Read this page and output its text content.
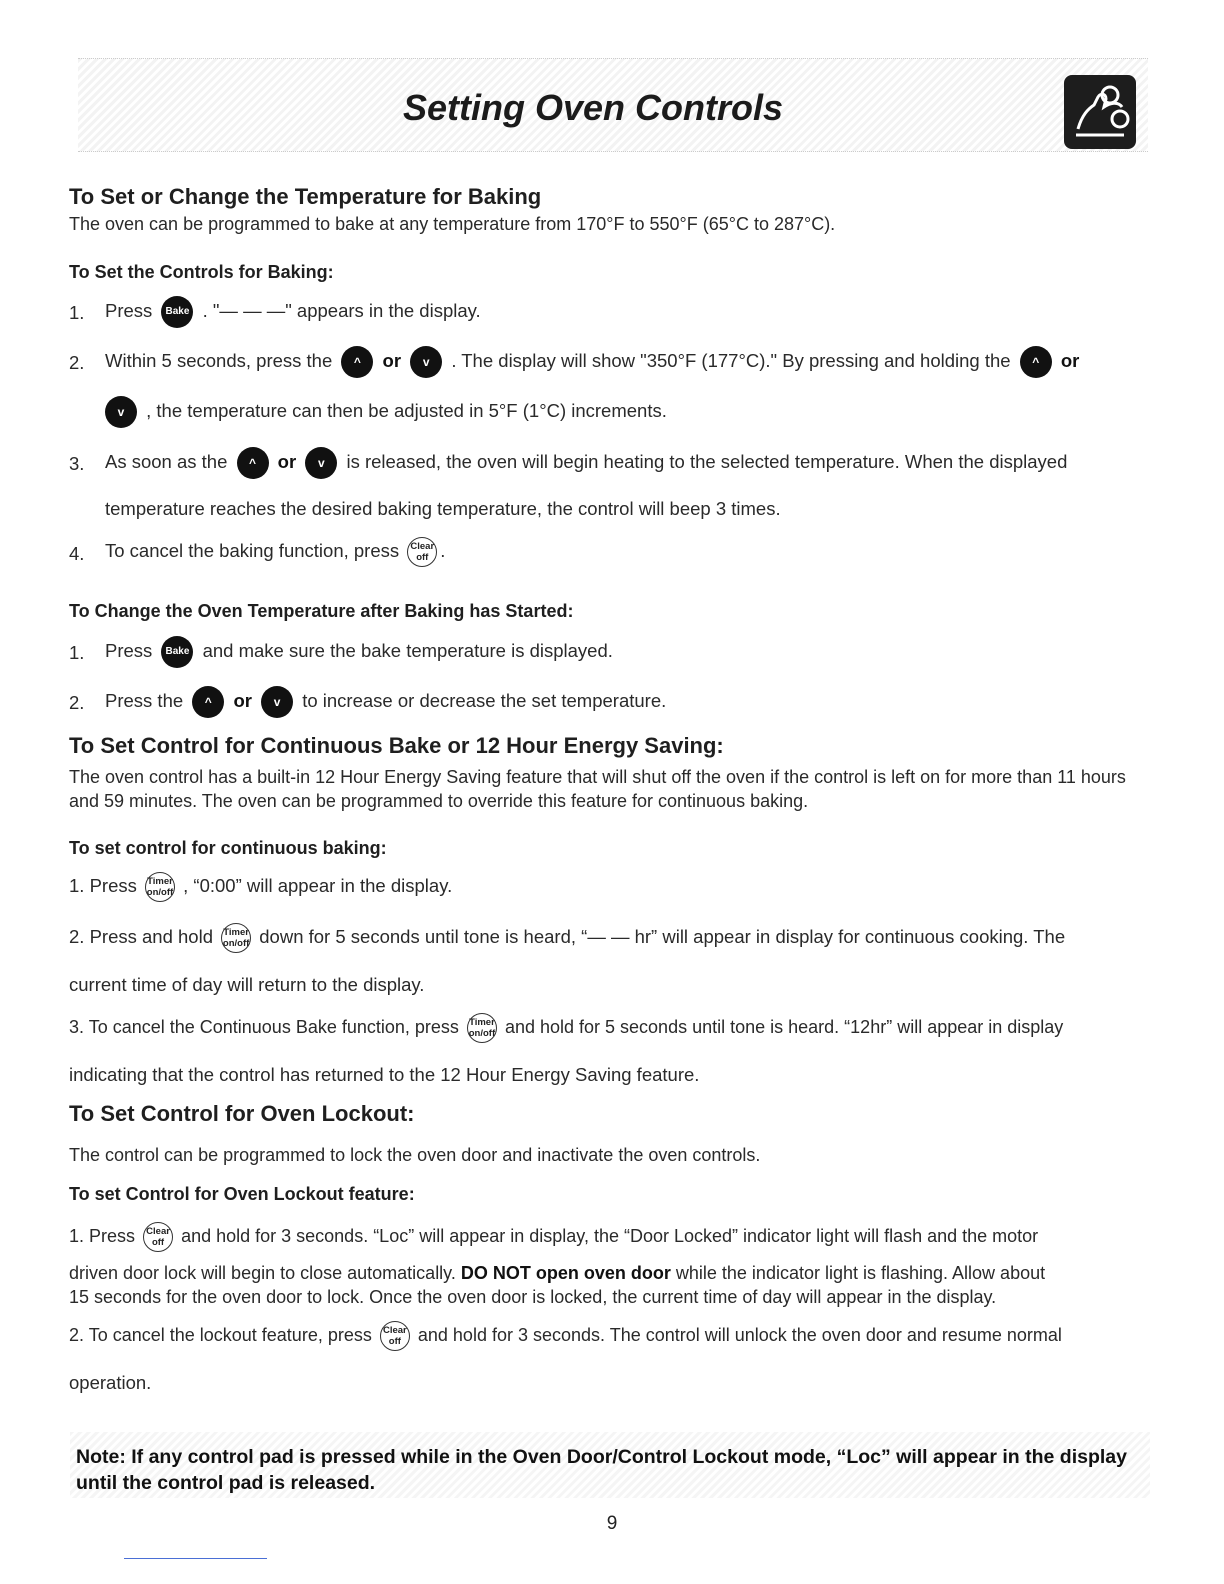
Setting Oven Controls
To Set or Change the Temperature for Baking
The oven can be programmed to bake at any temperature from 170°F to 550°F (65°C to 287°C).
To Set the Controls for Baking:
1. Press Bake . "— — —" appears in the display.
2. Within 5 seconds, press the ^ or v . The display will show "350°F (177°C)." By pressing and holding the ^ or
v , the temperature can then be adjusted in 5°F (1°C) increments.
3. As soon as the ^ or v is released, the oven will begin heating to the selected temperature. When the displayed
temperature reaches the desired baking temperature, the control will beep 3 times.
4. To cancel the baking function, press Clear
off .
To Change the Oven Temperature after Baking has Started:
1. Press Bake and make sure the bake temperature is displayed.
2. Press the ^ or v to increase or decrease the set temperature.
To Set Control for Continuous Bake or 12 Hour Energy Saving:
The oven control has a built-in 12 Hour Energy Saving feature that will shut off the oven if the control is left on for more than 11 hours and 59 minutes. The oven can be programmed to override this feature for continuous baking.
To set control for continuous baking:
1. Press Timer
on/off , “0:00” will appear in the display.
2. Press and hold Timer
on/off down for 5 seconds until tone is heard, “— — hr” will appear in display for continuous cooking. The
current time of day will return to the display.
3. To cancel the Continuous Bake function, press Timer
on/off and hold for 5 seconds until tone is heard. “12hr” will appear in display
indicating that the control has returned to the 12 Hour Energy Saving feature.
To Set Control for Oven Lockout:
The control can be programmed to lock the oven door and inactivate the oven controls.
To set Control for Oven Lockout feature:
1. Press Clear
off and hold for 3 seconds. “Loc” will appear in display, the “Door Locked” indicator light will flash and the motor
driven door lock will begin to close automatically. DO NOT open oven door while the indicator light is flashing. Allow about
15 seconds for the oven door to lock. Once the oven door is locked, the current time of day will appear in the display.
2. To cancel the lockout feature, press Clear
off and hold for 3 seconds. The control will unlock the oven door and resume normal
operation.
Note: If any control pad is pressed while in the Oven Door/Control Lockout mode, “Loc” will appear in the display
until the control pad is released.
9
